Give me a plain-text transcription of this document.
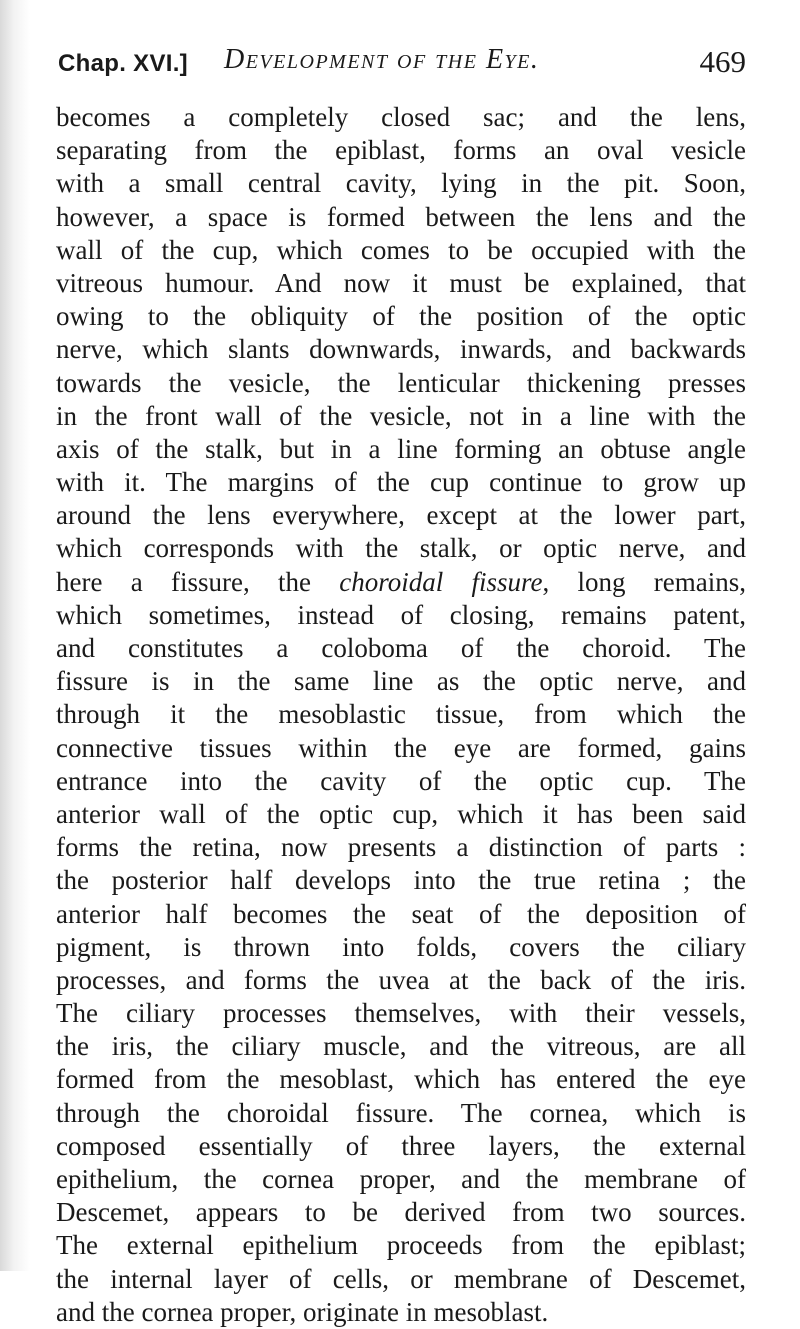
Chap. XVI.] Development of the Eye.	469
becomes a completely closed sac; and the lens,
separating from the epiblast, forms an oval vesicle
with a small central cavity, lying in the pit. Soon,
however, a space is formed between the lens and the
wall of the cup, which comes to be occupied with the
vitreous humour. And now it must be explained, that
owing to the obliquity of the position of the optic
nerve, which slants downwards, inwards, and backwards
towards the vesicle, the lenticular thickening presses
in the front wall of the vesicle, not in a line with the
axis of the stalk, but in a line forming an obtuse angle
with it. The margins of the cup continue to grow up
around the lens everywhere, except at the lower part,
which corresponds with the stalk, or optic nerve, and
here a fissure, the choroidal fissure, long remains,
which sometimes, instead of closing, remains patent,
and constitutes a coloboma of the choroid. The
fissure is in the same line as the optic nerve, and
through it the mesoblastic tissue, from which the
connective tissues within the eye are formed, gains
entrance into the cavity of the optic cup. The
anterior wall of the optic cup, which it has been said
forms the retina, now presents a distinction of parts :
the posterior half develops into the true retina ; the
anterior half becomes the seat of the deposition of
pigment, is thrown into folds, covers the ciliary
processes, and forms the uvea at the back of the iris.
The ciliary processes themselves, with their vessels,
the iris, the ciliary muscle, and the vitreous, are all
formed from the mesoblast, which has entered the eye
through the choroidal fissure. The cornea, which is
composed essentially of three layers, the external
epithelium, the cornea proper, and the membrane of
Descemet, appears to be derived from two sources.
The external epithelium proceeds from the epiblast;
the internal layer of cells, or membrane of Descemet,
and the cornea proper, originate in mesoblast.
